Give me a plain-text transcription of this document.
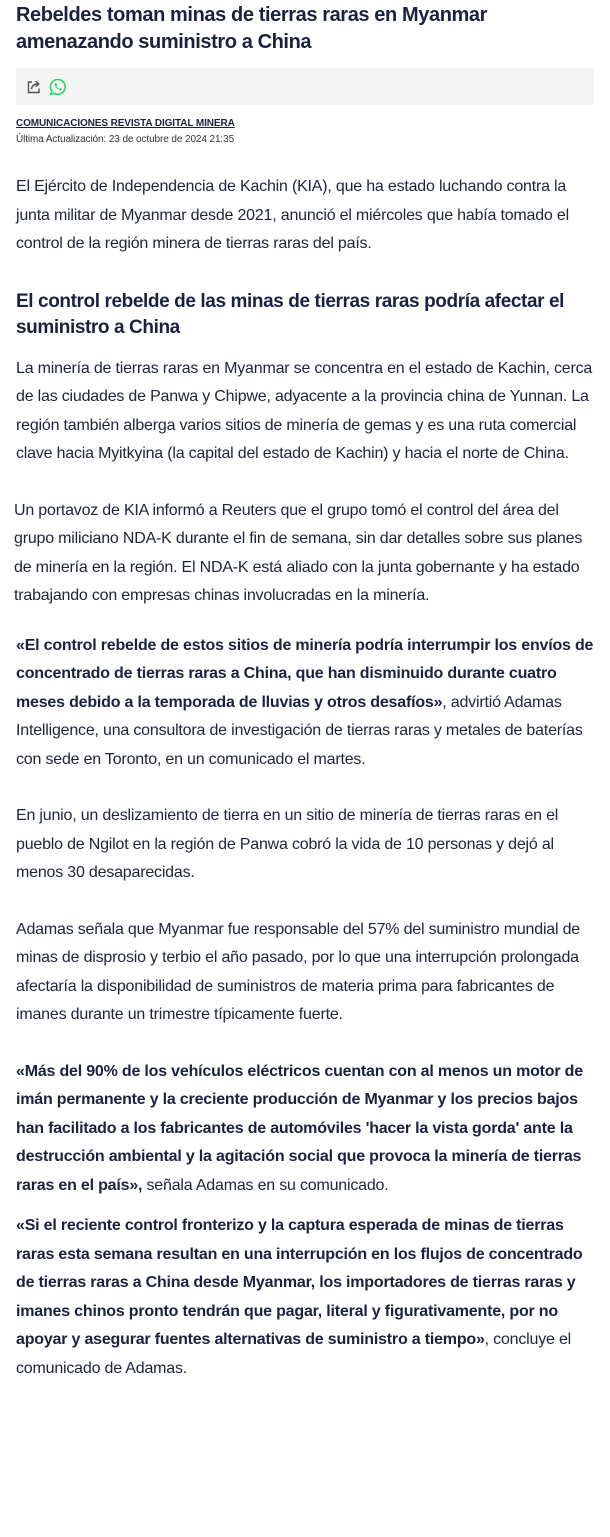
Rebeldes toman minas de tierras raras en Myanmar amenazando suministro a China
COMUNICACIONES REVISTA DIGITAL MINERA
Última Actualización: 23 de octubre de 2024 21:35

El Ejército de Independencia de Kachin (KIA), que ha estado luchando contra la junta militar de Myanmar desde 2021, anunció el miércoles que había tomado el control de la región minera de tierras raras del país.

El control rebelde de las minas de tierras raras podría afectar el suministro a China

La minería de tierras raras en Myanmar se concentra en el estado de Kachin, cerca de las ciudades de Panwa y Chipwe, adyacente a la provincia china de Yunnan. La región también alberga varios sitios de minería de gemas y es una ruta comercial clave hacia Myitkyina (la capital del estado de Kachin) y hacia el norte de China.

Un portavoz de KIA informó a Reuters que el grupo tomó el control del área del grupo miliciano NDA-K durante el fin de semana, sin dar detalles sobre sus planes de minería en la región. El NDA-K está aliado con la junta gobernante y ha estado trabajando con empresas chinas involucradas en la minería.

«El control rebelde de estos sitios de minería podría interrumpir los envíos de concentrado de tierras raras a China, que han disminuido durante cuatro meses debido a la temporada de lluvias y otros desafíos», advirtió Adamas Intelligence, una consultora de investigación de tierras raras y metales de baterías con sede en Toronto, en un comunicado el martes.

En junio, un deslizamiento de tierra en un sitio de minería de tierras raras en el pueblo de Ngilot en la región de Panwa cobró la vida de 10 personas y dejó al menos 30 desaparecidas.

Adamas señala que Myanmar fue responsable del 57% del suministro mundial de minas de disprosio y terbio el año pasado, por lo que una interrupción prolongada afectaría la disponibilidad de suministros de materia prima para fabricantes de imanes durante un trimestre típicamente fuerte.

«Más del 90% de los vehículos eléctricos cuentan con al menos un motor de imán permanente y la creciente producción de Myanmar y los precios bajos han facilitado a los fabricantes de automóviles 'hacer la vista gorda' ante la destrucción ambiental y la agitación social que provoca la minería de tierras raras en el país», señala Adamas en su comunicado.

«Si el reciente control fronterizo y la captura esperada de minas de tierras raras esta semana resultan en una interrupción en los flujos de concentrado de tierras raras a China desde Myanmar, los importadores de tierras raras y imanes chinos pronto tendrán que pagar, literal y figurativamente, por no apoyar y asegurar fuentes alternativas de suministro a tiempo», concluye el comunicado de Adamas.
